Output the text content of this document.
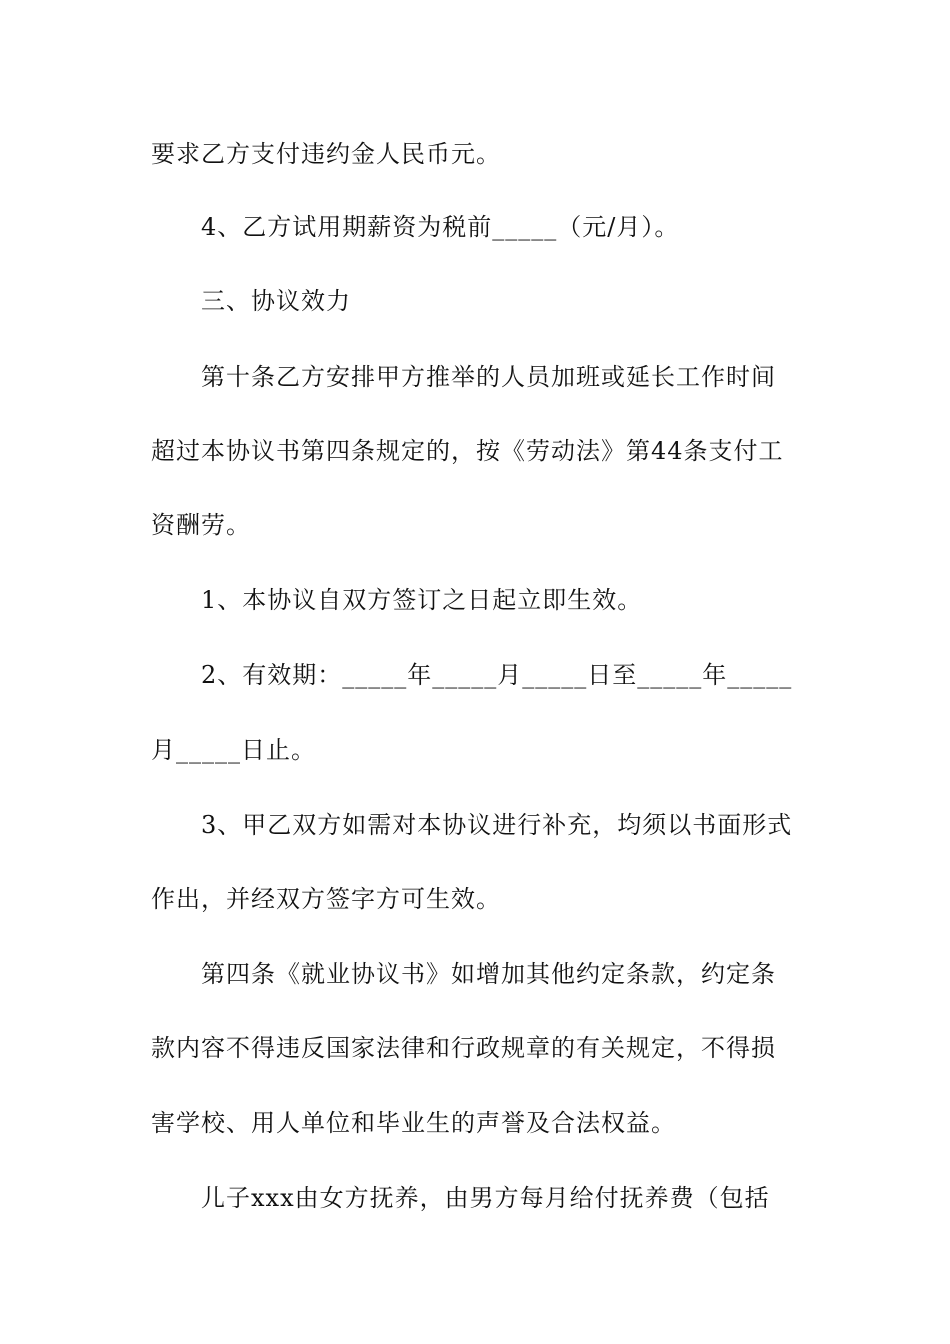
要求乙方支付违约金人民币元。
4、乙方试用期薪资为税前_____（元/月）。
三、协议效力
第十条乙方安排甲方推举的人员加班或延长工作时间
超过本协议书第四条规定的，按《劳动法》第44条支付工
资酬劳。
1、本协议自双方签订之日起立即生效。
2、有效期：_____年_____月_____日至_____年_____
月_____日止。
3、甲乙双方如需对本协议进行补充，均须以书面形式
作出，并经双方签字方可生效。
第四条《就业协议书》如增加其他约定条款，约定条
款内容不得违反国家法律和行政规章的有关规定，不得损
害学校、用人单位和毕业生的声誉及合法权益。
儿子xxx由女方抚养，由男方每月给付抚养费（包括
